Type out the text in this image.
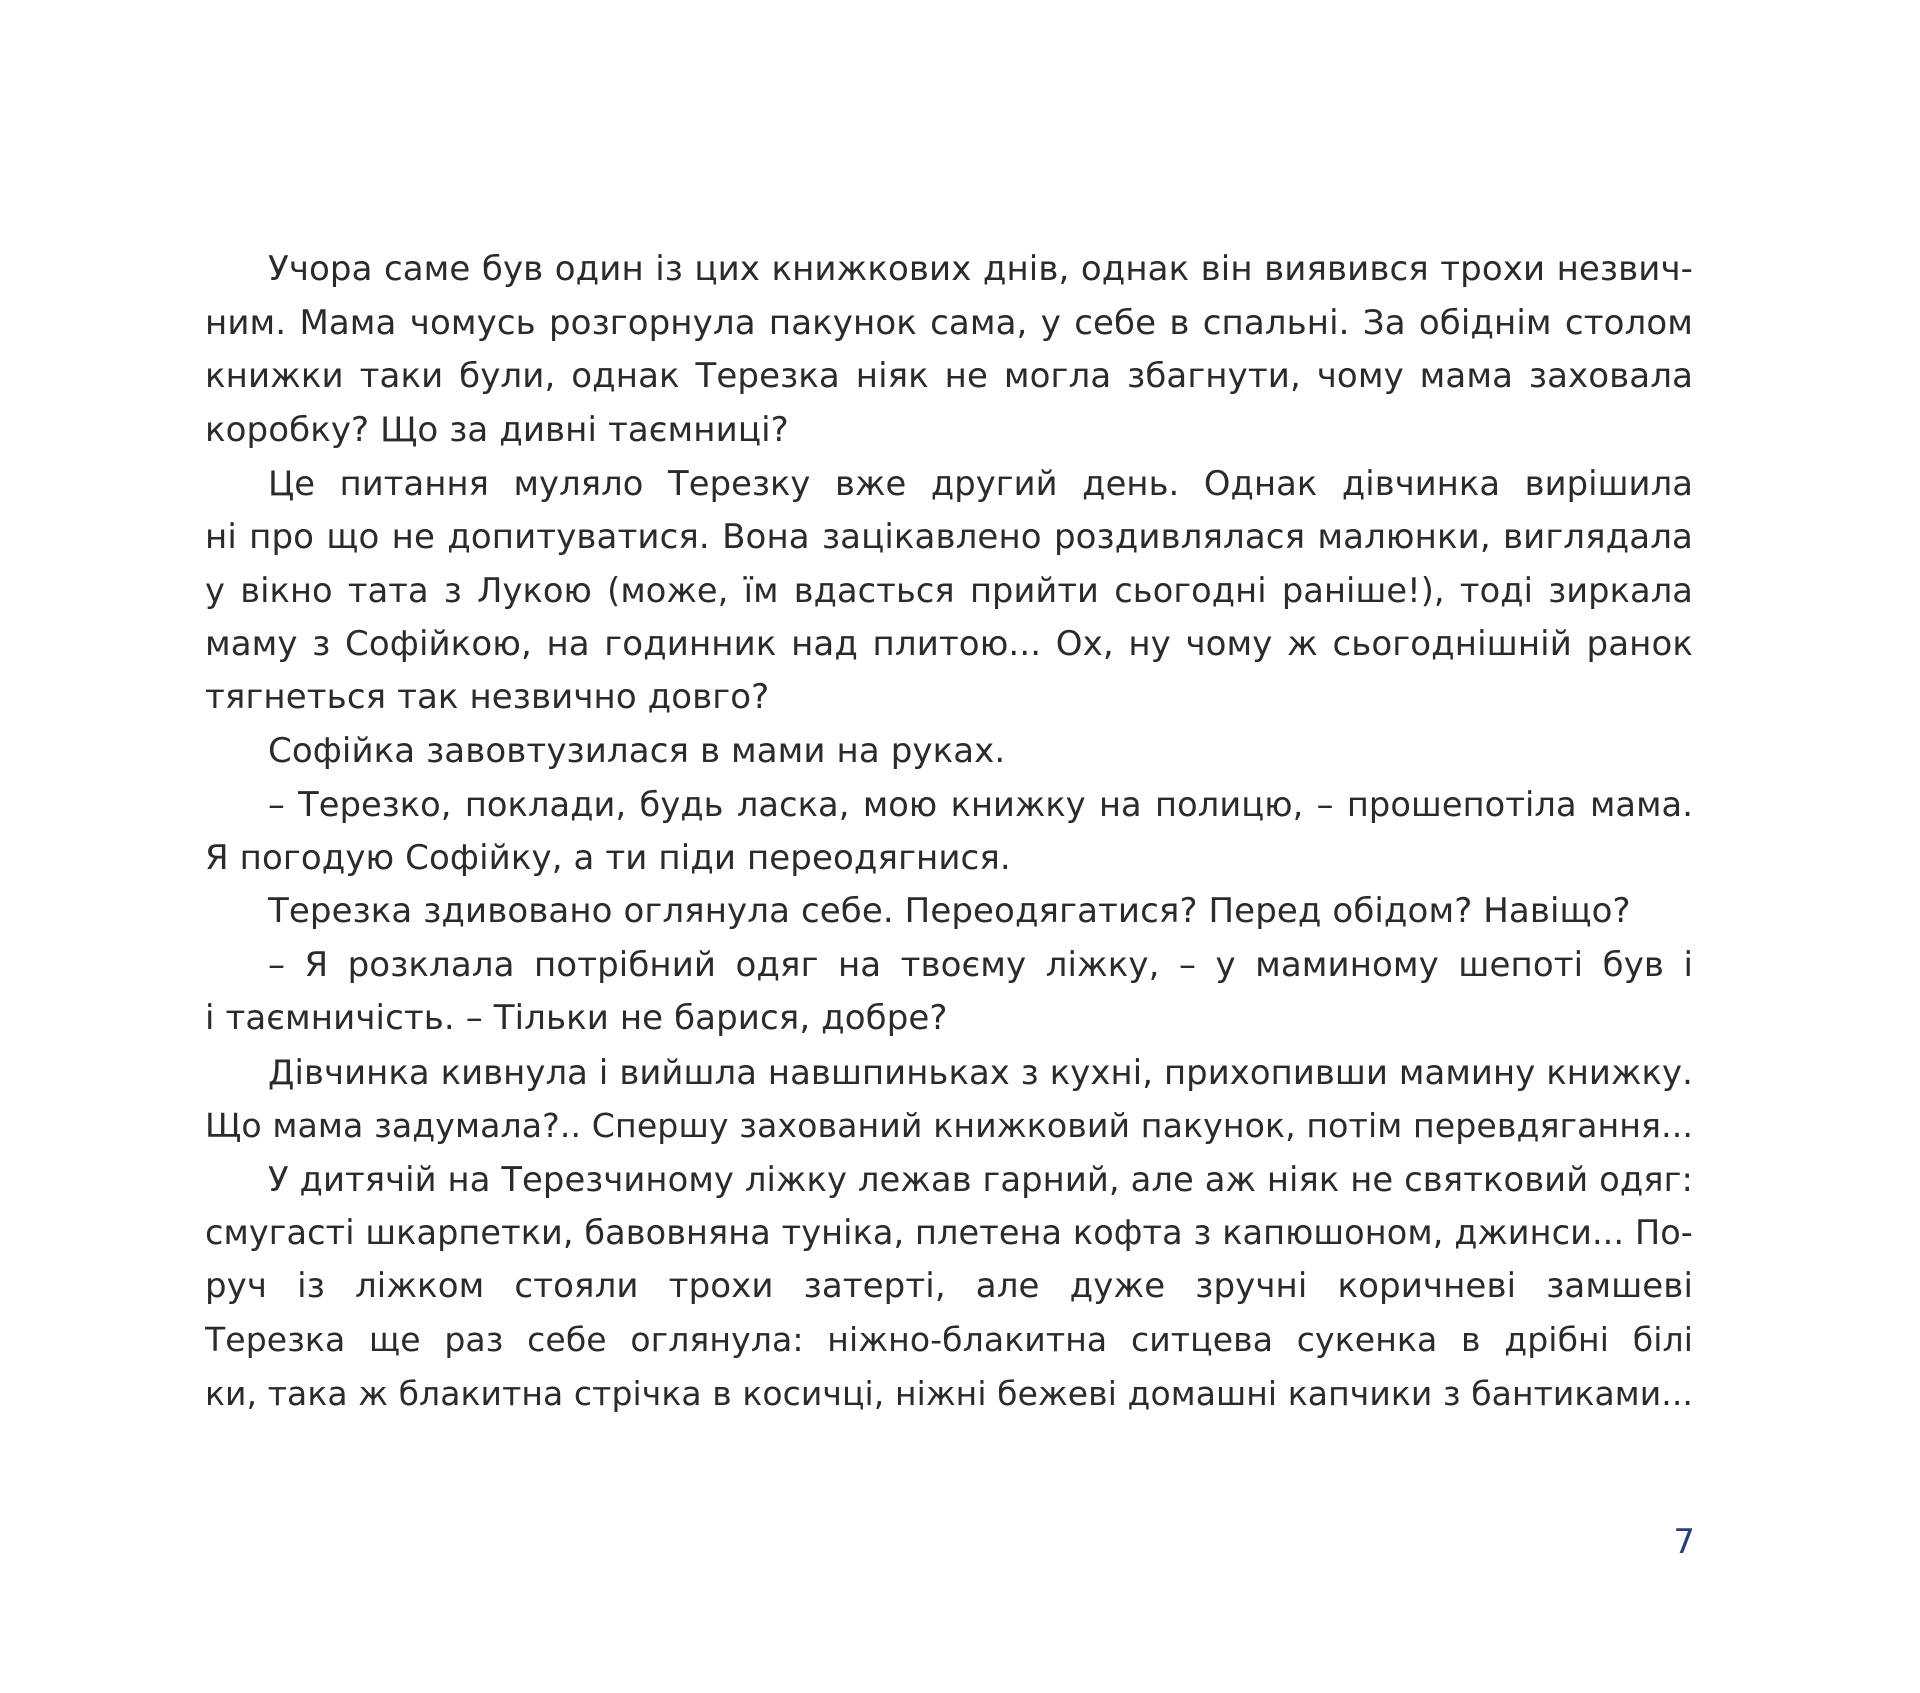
Учора саме був один із цих книжкових днів, однак він виявився трохи незвич-
ним. Мама чомусь розгорнула пакунок сама, у себе в спальні. За обіднім столом
книжки таки були, однак Терезка ніяк не могла збагнути, чому мама заховала
коробку? Що за дивні таємниці?
Це питання муляло Терезку вже другий день. Однак дівчинка вирішила
ні про що не допитуватися. Вона зацікавлено роздивлялася малюнки, виглядала
у вікно тата з Лукою (може, їм вдасться прийти сьогодні раніше!), тоді зиркала
маму з Софійкою, на годинник над плитою... Ох, ну чому ж сьогоднішній ранок
тягнеться так незвично довго?
Софійка завовтузилася в мами на руках.
– Терезко, поклади, будь ласка, мою книжку на полицю, – прошепотіла мама.
Я погодую Софійку, а ти піди переодягнися.
Терезка здивовано оглянула себе. Переодягатися? Перед обідом? Навіщо?
– Я розклала потрібний одяг на твоєму ліжку, – у маминому шепоті був і
і таємничість. – Тільки не барися, добре?
Дівчинка кивнула і вийшла навшпиньках з кухні, прихопивши мамину книжку.
Що мама задумала?.. Спершу захований книжковий пакунок, потім перевдягання...
У дитячій на Терезчиному ліжку лежав гарний, але аж ніяк не святковий одяг:
смугасті шкарпетки, бавовняна туніка, плетена кофта з капюшоном, джинси... По-
руч із ліжком стояли трохи затерті, але дуже зручні коричневі замшеві
Терезка ще раз себе оглянула: ніжно-блакитна ситцева сукенка в дрібні білі
ки, така ж блакитна стрічка в косичці, ніжні бежеві домашні капчики з бантиками...
7
